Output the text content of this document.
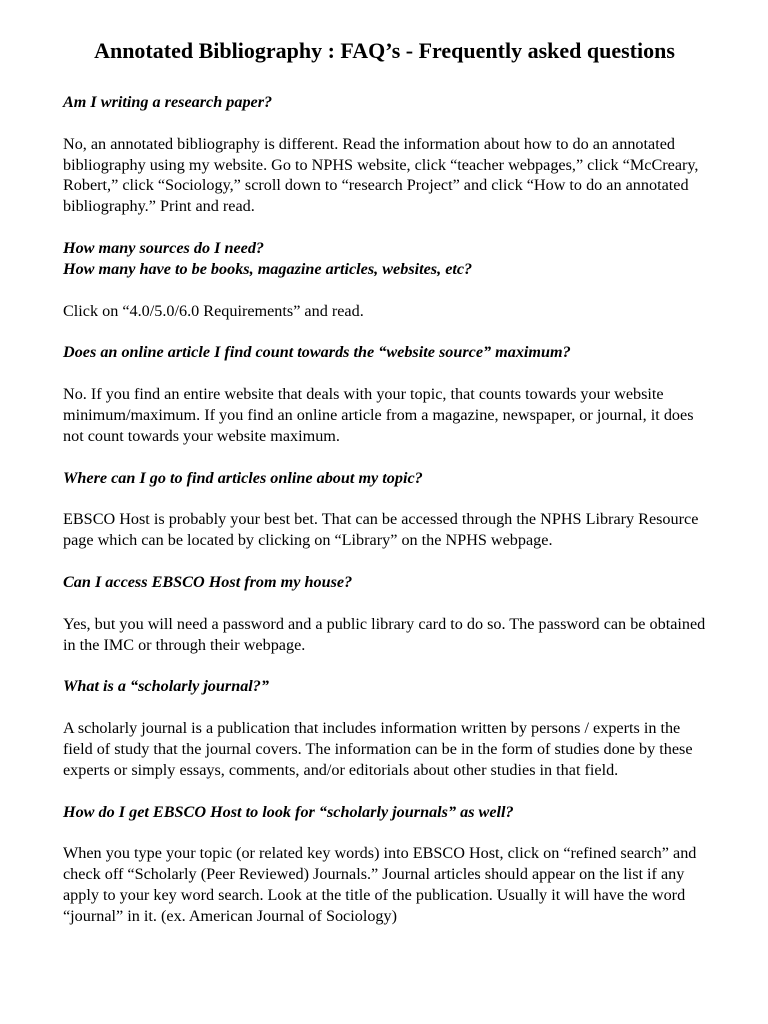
Annotated Bibliography : FAQ’s - Frequently asked questions

Am I writing a research paper?

No, an annotated bibliography is different. Read the information about how to do an annotated bibliography using my website. Go to NPHS website, click “teacher webpages,” click “McCreary, Robert,” click “Sociology,” scroll down to “research Project” and click “How to do an annotated bibliography.” Print and read.

How many sources do I need?
How many have to be books, magazine articles, websites, etc?

Click on “4.0/5.0/6.0 Requirements” and read.

Does an online article I find count towards the “website source” maximum?

No. If you find an entire website that deals with your topic, that counts towards your website minimum/maximum. If you find an online article from a magazine, newspaper, or journal, it does not count towards your website maximum.

Where can I go to find articles online about my topic?

EBSCO Host is probably your best bet. That can be accessed through the NPHS Library Resource page which can be located by clicking on “Library” on the NPHS webpage.

Can I access EBSCO Host from my house?

Yes, but you will need a password and a public library card to do so. The password can be obtained in the IMC or through their webpage.

What is a “scholarly journal?”

A scholarly journal is a publication that includes information written by persons / experts in the field of study that the journal covers. The information can be in the form of studies done by these experts or simply essays, comments, and/or editorials about other studies in that field.

How do I get EBSCO Host to look for “scholarly journals” as well?

When you type your topic (or related key words) into EBSCO Host, click on “refined search” and check off “Scholarly (Peer Reviewed) Journals.” Journal articles should appear on the list if any apply to your key word search. Look at the title of the publication. Usually it will have the word “journal” in it. (ex. American Journal of Sociology)
